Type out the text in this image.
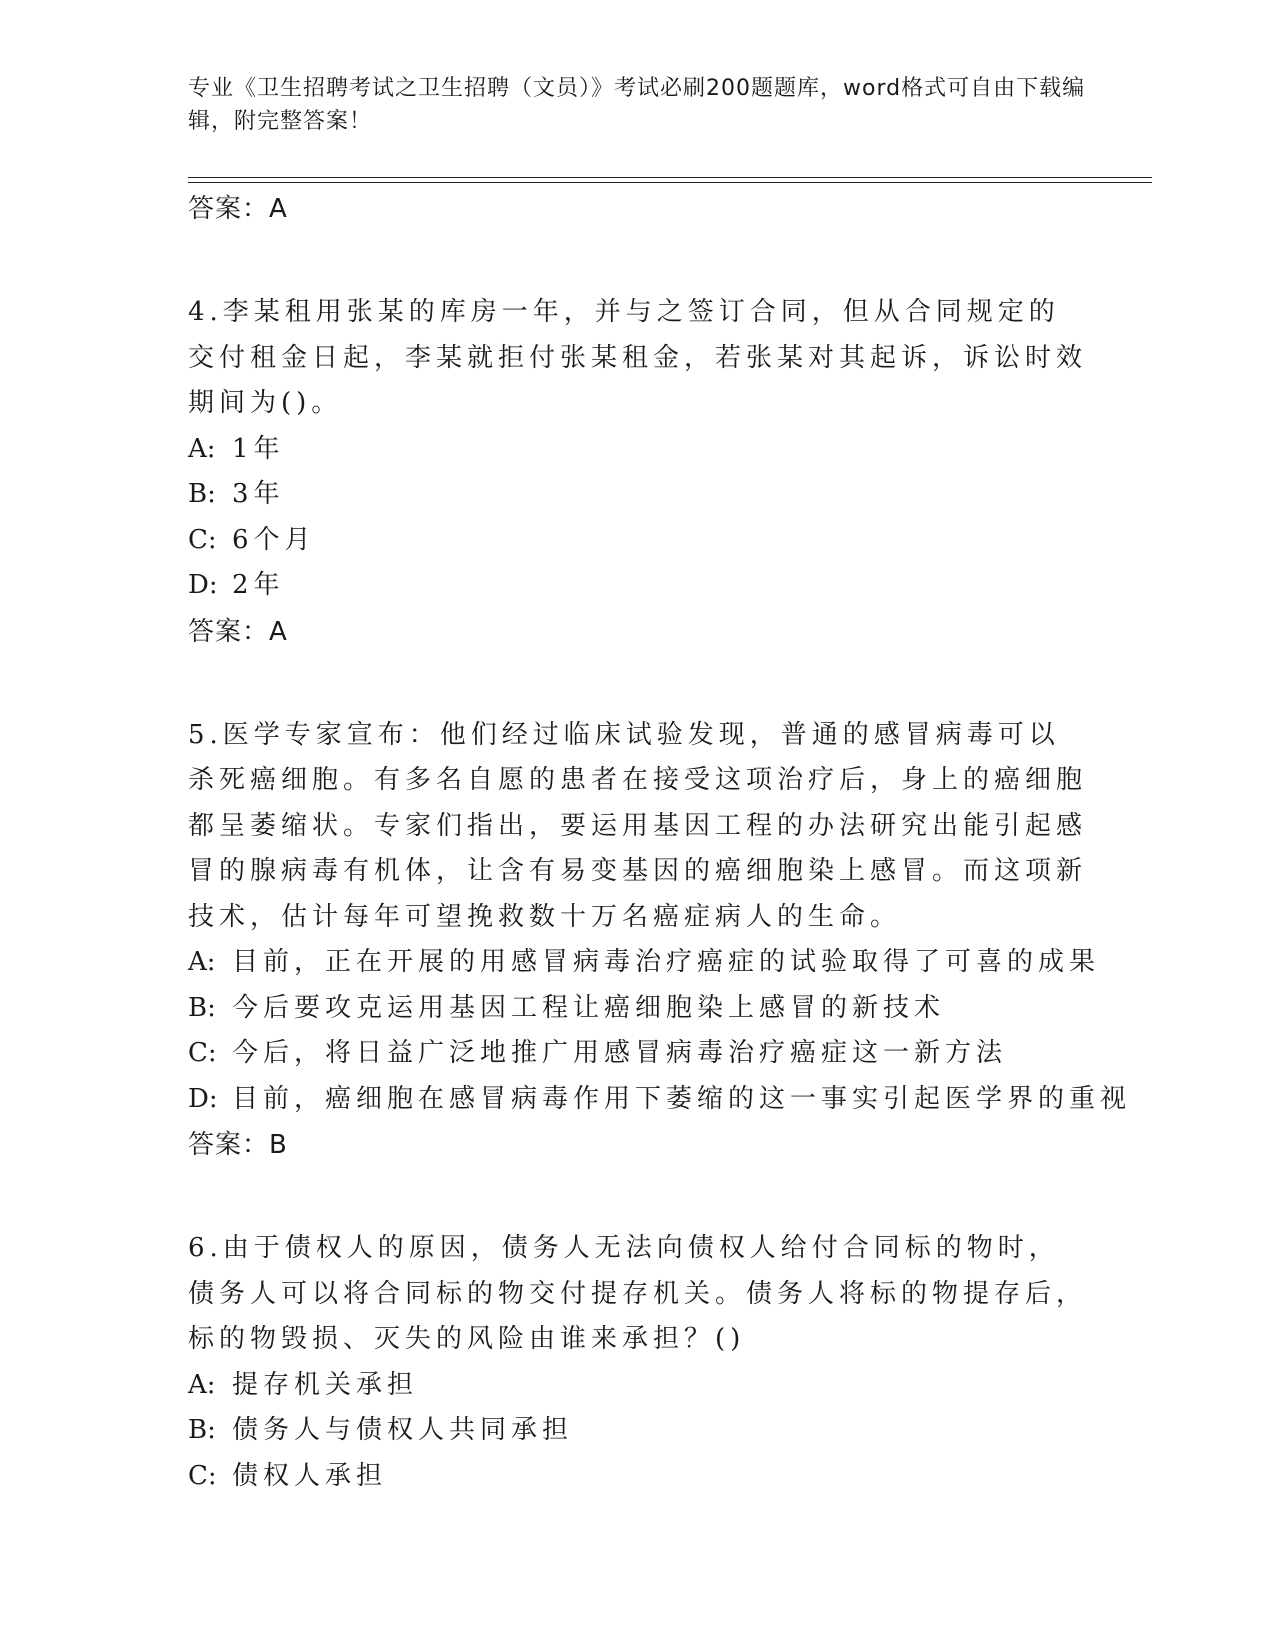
专业《卫生招聘考试之卫生招聘（文员）》考试必刷200题题库，word格式可自由下载编辑，附完整答案！
答案：A
4.李某租用张某的库房一年，并与之签订合同，但从合同规定的交付租金日起，李某就拒付张某租金，若张某对其起诉，诉讼时效期间为()。
A: 1年
B: 3年
C: 6个月
D: 2年
答案：A
5.医学专家宣布：他们经过临床试验发现，普通的感冒病毒可以杀死癌细胞。有多名自愿的患者在接受这项治疗后，身上的癌细胞都呈萎缩状。专家们指出，要运用基因工程的办法研究出能引起感冒的腺病毒有机体，让含有易变基因的癌细胞染上感冒。而这项新技术，估计每年可望挽救数十万名癌症病人的生命。
A: 目前，正在开展的用感冒病毒治疗癌症的试验取得了可喜的成果
B: 今后要攻克运用基因工程让癌细胞染上感冒的新技术
C: 今后，将日益广泛地推广用感冒病毒治疗癌症这一新方法
D: 目前，癌细胞在感冒病毒作用下萎缩的这一事实引起医学界的重视
答案：B
6.由于债权人的原因，债务人无法向债权人给付合同标的物时，债务人可以将合同标的物交付提存机关。债务人将标的物提存后，标的物毁损、灭失的风险由谁来承担？()
A: 提存机关承担
B: 债务人与债权人共同承担
C: 债权人承担
